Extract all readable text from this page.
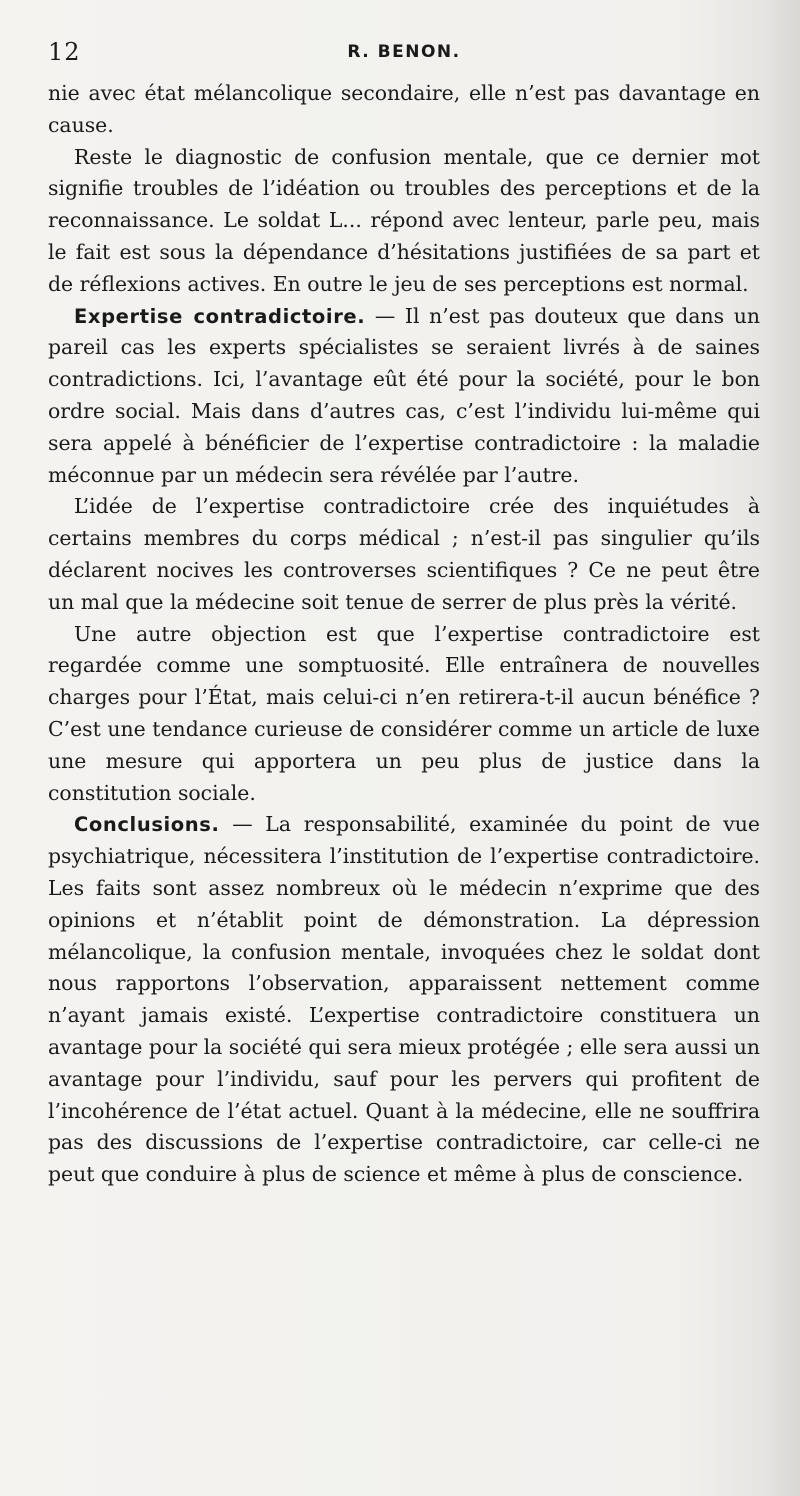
12	R. BENON.

nie avec état mélancolique secondaire, elle n’est pas davantage en cause.

Reste le diagnostic de confusion mentale, que ce dernier mot signifie troubles de l’idéation ou troubles des perceptions et de la reconnaissance. Le soldat L... répond avec lenteur, parle peu, mais le fait est sous la dépendance d’hésitations justifiées de sa part et de réflexions actives. En outre le jeu de ses perceptions est normal.

Expertise contradictoire. — Il n’est pas douteux que dans un pareil cas les experts spécialistes se seraient livrés à de saines contradictions. Ici, l’avantage eût été pour la société, pour le bon ordre social. Mais dans d’autres cas, c’est l’individu lui-même qui sera appelé à bénéficier de l’expertise contradictoire : la maladie méconnue par un médecin sera révélée par l’autre.

L’idée de l’expertise contradictoire crée des inquiétudes à certains membres du corps médical ; n’est-il pas singulier qu’ils déclarent nocives les controverses scientifiques ? Ce ne peut être un mal que la médecine soit tenue de serrer de plus près la vérité.

Une autre objection est que l’expertise contradictoire est regardée comme une somptuosité. Elle entraînera de nouvelles charges pour l’État, mais celui-ci n’en retirera-t-il aucun bénéfice ? C’est une tendance curieuse de considérer comme un article de luxe une mesure qui apportera un peu plus de justice dans la constitution sociale.

Conclusions. — La responsabilité, examinée du point de vue psychiatrique, nécessitera l’institution de l’expertise contradictoire. Les faits sont assez nombreux où le médecin n’exprime que des opinions et n’établit point de démonstration. La dépression mélancolique, la confusion mentale, invoquées chez le soldat dont nous rapportons l’observation, apparaissent nettement comme n’ayant jamais existé. L’expertise contradictoire constituera un avantage pour la société qui sera mieux protégée ; elle sera aussi un avantage pour l’individu, sauf pour les pervers qui profitent de l’incohérence de l’état actuel. Quant à la médecine, elle ne souffrira pas des discussions de l’expertise contradictoire, car celle-ci ne peut que conduire à plus de science et même à plus de conscience.
